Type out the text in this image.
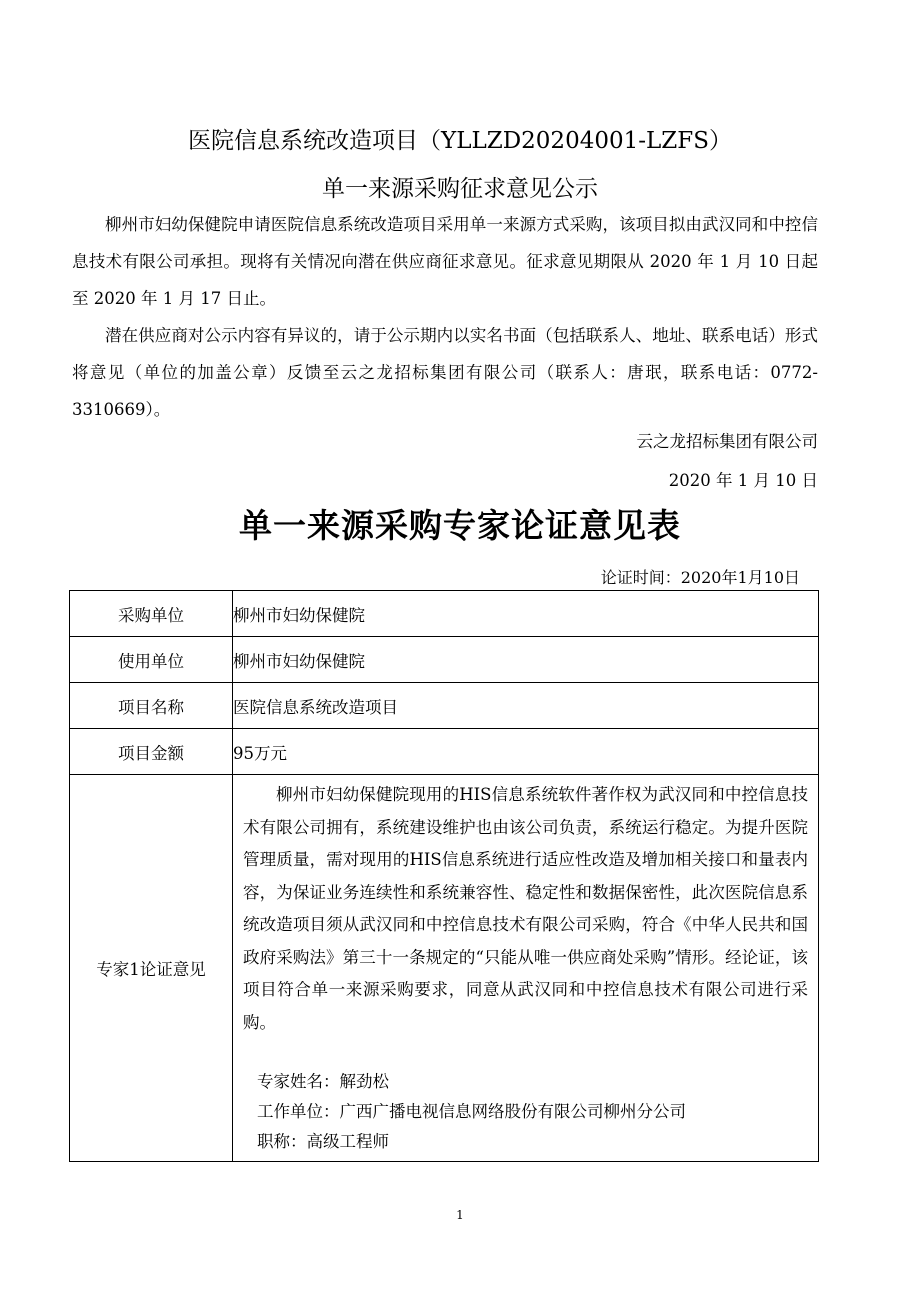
医院信息系统改造项目（YLLZD20204001-LZFS）
单一来源采购征求意见公示

柳州市妇幼保健院申请医院信息系统改造项目采用单一来源方式采购，该项目拟由武汉同和中控信息技术有限公司承担。现将有关情况向潜在供应商征求意见。征求意见期限从 2020 年 1 月 10 日起至 2020 年 1 月 17 日止。

潜在供应商对公示内容有异议的，请于公示期内以实名书面（包括联系人、地址、联系电话）形式将意见（单位的加盖公章）反馈至云之龙招标集团有限公司（联系人：唐珉，联系电话：0772-3310669）。

云之龙招标集团有限公司
2020 年 1 月 10 日
单一来源采购专家论证意见表
论证时间：2020年1月10日
采购单位	柳州市妇幼保健院
使用单位	柳州市妇幼保健院
项目名称	医院信息系统改造项目
项目金额	95万元
专家1论证意见	柳州市妇幼保健院现用的HIS信息系统软件著作权为武汉同和中控信息技术有限公司拥有，系统建设维护也由该公司负责，系统运行稳定。为提升医院管理质量，需对现用的HIS信息系统进行适应性改造及增加相关接口和量表内容，为保证业务连续性和系统兼容性、稳定性和数据保密性，此次医院信息系统改造项目须从武汉同和中控信息技术有限公司采购，符合《中华人民共和国政府采购法》第三十一条规定的“只能从唯一供应商处采购”情形。经论证，该项目符合单一来源采购要求，同意从武汉同和中控信息技术有限公司进行采购。

专家姓名：解劲松
工作单位：广西广播电视信息网络股份有限公司柳州分公司
职称：高级工程师
1
